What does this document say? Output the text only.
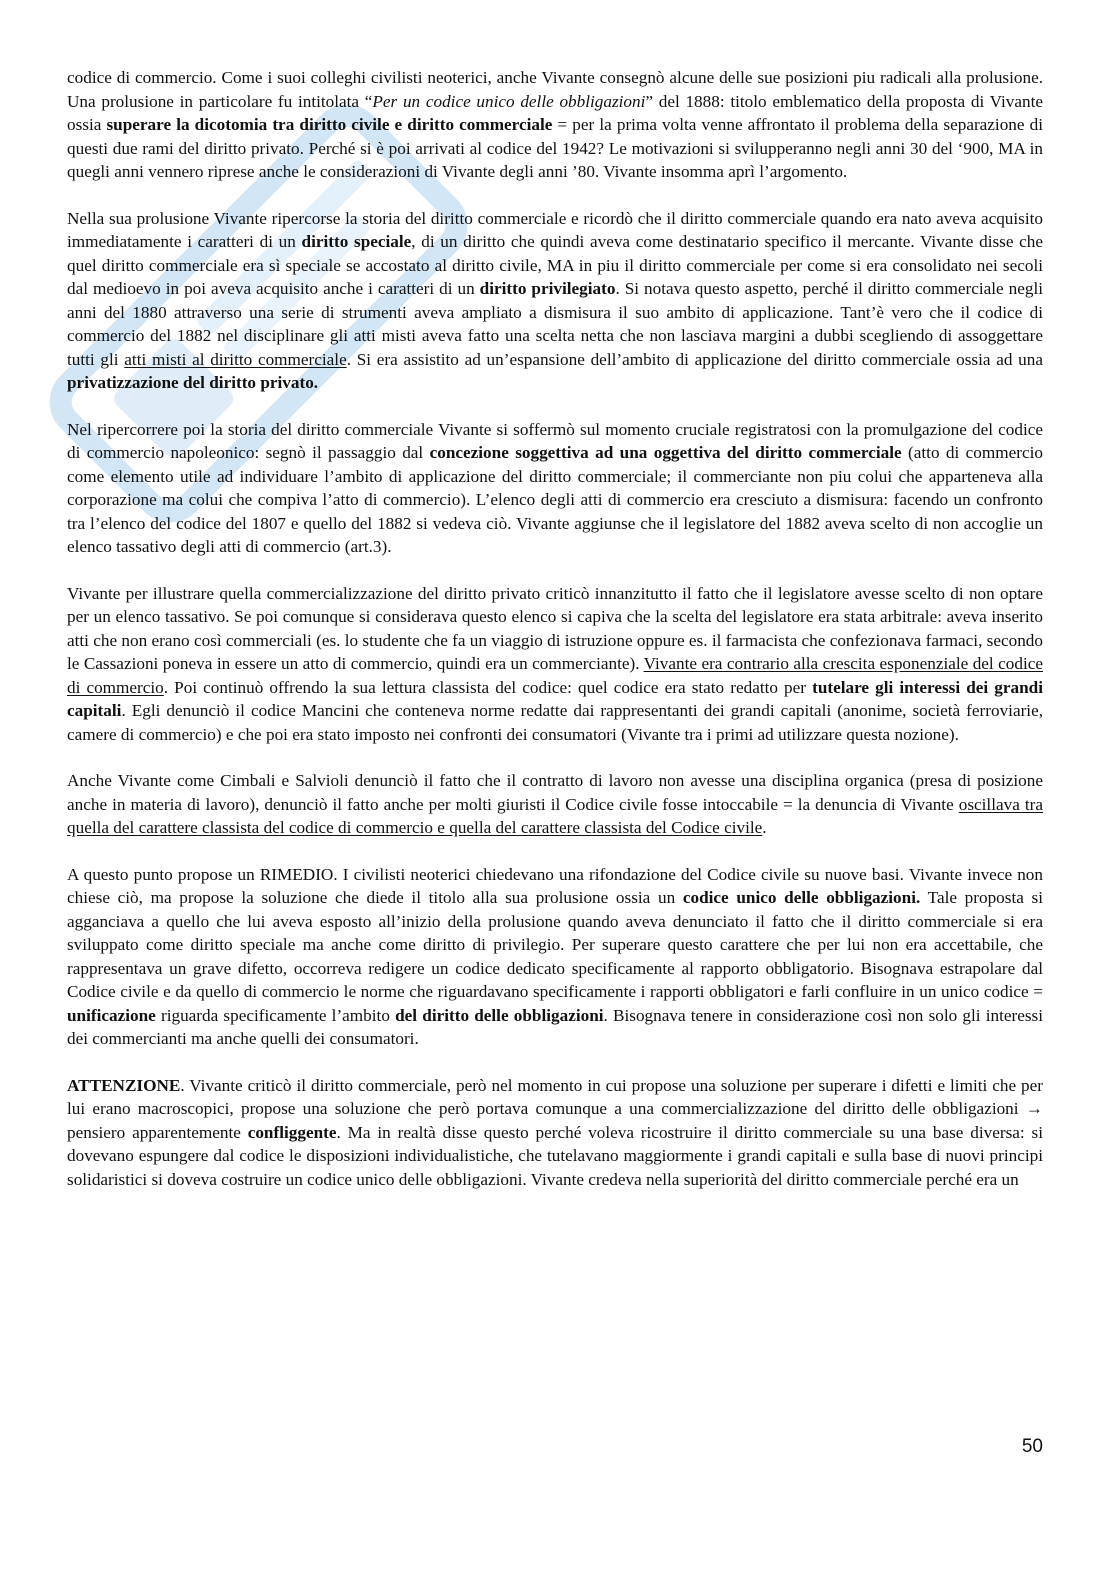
codice di commercio. Come i suoi colleghi civilisti neoterici, anche Vivante consegnò alcune delle sue posizioni piu radicali alla prolusione. Una prolusione in particolare fu intitolata “Per un codice unico delle obbligazioni” del 1888: titolo emblematico della proposta di Vivante ossia superare la dicotomia tra diritto civile e diritto commerciale = per la prima volta venne affrontato il problema della separazione di questi due rami del diritto privato. Perché si è poi arrivati al codice del 1942? Le motivazioni si svilupperanno negli anni 30 del ‘900, MA in quegli anni vennero riprese anche le considerazioni di Vivante degli anni ’80. Vivante insomma aprì l’argomento.

Nella sua prolusione Vivante ripercorse la storia del diritto commerciale e ricordò che il diritto commerciale quando era nato aveva acquisito immediatamente i caratteri di un diritto speciale, di un diritto che quindi aveva come destinatario specifico il mercante. Vivante disse che quel diritto commerciale era sì speciale se accostato al diritto civile, MA in piu il diritto commerciale per come si era consolidato nei secoli dal medioevo in poi aveva acquisito anche i caratteri di un diritto privilegiato. Si notava questo aspetto, perché il diritto commerciale negli anni del 1880 attraverso una serie di strumenti aveva ampliato a dismisura il suo ambito di applicazione. Tant’è vero che il codice di commercio del 1882 nel disciplinare gli atti misti aveva fatto una scelta netta che non lasciava margini a dubbi scegliendo di assoggettare tutti gli atti misti al diritto commerciale. Si era assistito ad un’espansione dell’ambito di applicazione del diritto commerciale ossia ad una privatizzazione del diritto privato.

Nel ripercorrere poi la storia del diritto commerciale Vivante si soffermò sul momento cruciale registratosi con la promulgazione del codice di commercio napoleonico: segnò il passaggio dal concezione soggettiva ad una oggettiva del diritto commerciale (atto di commercio come elemento utile ad individuare l’ambito di applicazione del diritto commerciale; il commerciante non piu colui che apparteneva alla corporazione ma colui che compiva l’atto di commercio). L’elenco degli atti di commercio era cresciuto a dismisura: facendo un confronto tra l’elenco del codice del 1807 e quello del 1882 si vedeva ciò. Vivante aggiunse che il legislatore del 1882 aveva scelto di non accoglie un elenco tassativo degli atti di commercio (art.3).

Vivante per illustrare quella commercializzazione del diritto privato criticò innanzitutto il fatto che il legislatore avesse scelto di non optare per un elenco tassativo. Se poi comunque si considerava questo elenco si capiva che la scelta del legislatore era stata arbitrale: aveva inserito atti che non erano così commerciali (es. lo studente che fa un viaggio di istruzione oppure es. il farmacista che confezionava farmaci, secondo le Cassazioni poneva in essere un atto di commercio, quindi era un commerciante). Vivante era contrario alla crescita esponenziale del codice di commercio. Poi continuò offrendo la sua lettura classista del codice: quel codice era stato redatto per tutelare gli interessi dei grandi capitali. Egli denunciò il codice Mancini che conteneva norme redatte dai rappresentanti dei grandi capitali (anonime, società ferroviarie, camere di commercio) e che poi era stato imposto nei confronti dei consumatori (Vivante tra i primi ad utilizzare questa nozione).

Anche Vivante come Cimbali e Salvioli denunciò il fatto che il contratto di lavoro non avesse una disciplina organica (presa di posizione anche in materia di lavoro), denunciò il fatto anche per molti giuristi il Codice civile fosse intoccabile = la denuncia di Vivante oscillava tra quella del carattere classista del codice di commercio e quella del carattere classista del Codice civile.

A questo punto propose un RIMEDIO. I civilisti neoterici chiedevano una rifondazione del Codice civile su nuove basi. Vivante invece non chiese ciò, ma propose la soluzione che diede il titolo alla sua prolusione ossia un codice unico delle obbligazioni. Tale proposta si agganciava a quello che lui aveva esposto all’inizio della prolusione quando aveva denunciato il fatto che il diritto commerciale si era sviluppato come diritto speciale ma anche come diritto di privilegio. Per superare questo carattere che per lui non era accettabile, che rappresentava un grave difetto, occorreva redigere un codice dedicato specificamente al rapporto obbligatorio. Bisognava estrapolare dal Codice civile e da quello di commercio le norme che riguardavano specificamente i rapporti obbligatori e farli confluire in un unico codice = unificazione riguarda specificamente l’ambito del diritto delle obbligazioni. Bisognava tenere in considerazione così non solo gli interessi dei commercianti ma anche quelli dei consumatori.

ATTENZIONE. Vivante criticò il diritto commerciale, però nel momento in cui propose una soluzione per superare i difetti e limiti che per lui erano macroscopici, propose una soluzione che però portava comunque a una commercializzazione del diritto delle obbligazioni → pensiero apparentemente confliggente. Ma in realtà disse questo perché voleva ricostruire il diritto commerciale su una base diversa: si dovevano espungere dal codice le disposizioni individualistiche, che tutelavano maggiormente i grandi capitali e sulla base di nuovi principi solidaristici si doveva costruire un codice unico delle obbligazioni. Vivante credeva nella superiorità del diritto commerciale perché era un

50
